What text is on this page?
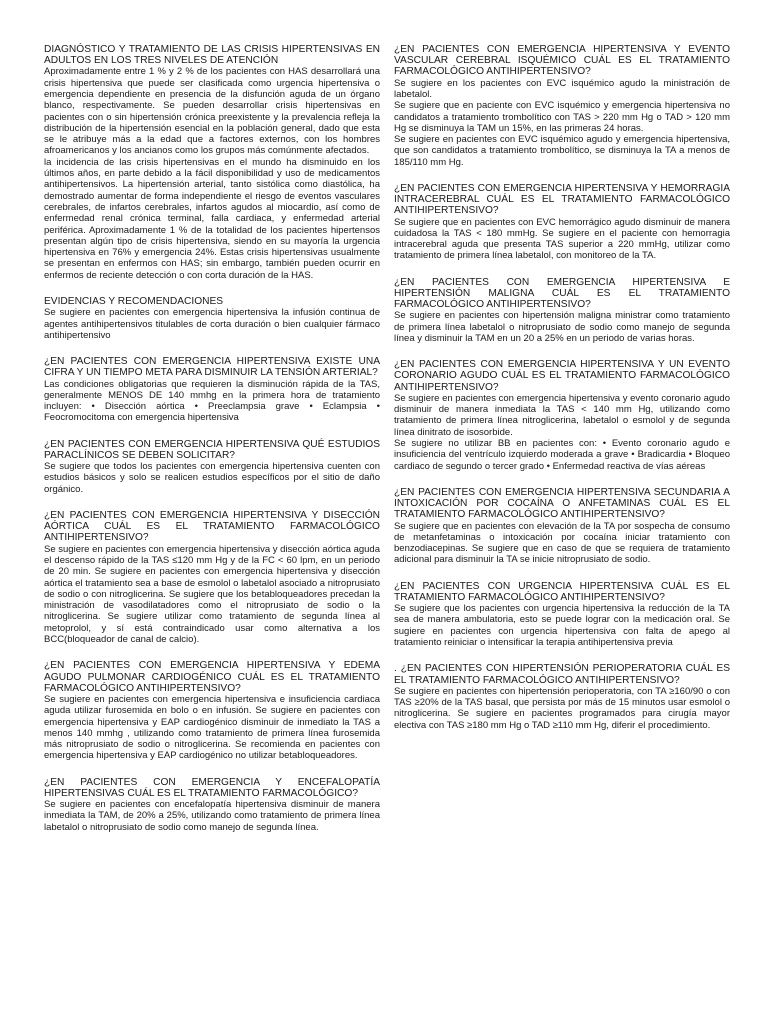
DIAGNÓSTICO Y TRATAMIENTO DE LAS CRISIS HIPERTENSIVAS EN ADULTOS EN LOS TRES NIVELES DE ATENCIÓN

Aproximadamente entre 1 % y 2 % de los pacientes con HAS desarrollará una crisis hipertensiva que puede ser clasificada como urgencia hipertensiva o emergencia dependiente en presencia de la disfunción aguda de un órgano blanco, respectivamente. Se pueden desarrollar crisis hipertensivas en pacientes con o sin hipertensión crónica preexistente y la prevalencia refleja la distribución de la hipertensión esencial en la población general, dado que esta se le atribuye más a la edad que a factores externos, con los hombres afroamericanos y los ancianos como los grupos más comúnmente afectados.

la incidencia de las crisis hipertensivas en el mundo ha disminuido en los últimos años, en parte debido a la fácil disponibilidad y uso de medicamentos antihipertensivos. La hipertensión arterial, tanto sistólica como diastólica, ha demostrado aumentar de forma independiente el riesgo de eventos vasculares cerebrales, de infartos cerebrales, infartos agudos al miocardio, así como de enfermedad renal crónica terminal, falla cardiaca, y enfermedad arterial periférica. Aproximadamente 1 % de la totalidad de los pacientes hipertensos presentan algún tipo de crisis hipertensiva, siendo en su mayoría la urgencia hipertensiva en 76% y emergencia 24%. Estas crisis hipertensivas usualmente se presentan en enfermos con HAS; sin embargo, también pueden ocurrir en enfermos de reciente detección o con corta duración de la HAS.

EVIDENCIAS Y RECOMENDACIONES

Se sugiere en pacientes con emergencia hipertensiva la infusión continua de agentes antihipertensivos titulables de corta duración o bien cualquier fármaco antihipertensivo

¿EN PACIENTES CON EMERGENCIA HIPERTENSIVA EXISTE UNA CIFRA Y UN TIEMPO META PARA DISMINUIR LA TENSIÓN ARTERIAL?

Las condiciones obligatorias que requieren la disminución rápida de la TAS, generalmente MENOS DE 140 mmhg en la primera hora de tratamiento incluyen: • Disección aórtica • Preeclampsia grave • Eclampsia • Feocromocitoma con emergencia hipertensiva

¿EN PACIENTES CON EMERGENCIA HIPERTENSIVA QUÉ ESTUDIOS PARACLÍNICOS SE DEBEN SOLICITAR?

Se sugiere que todos los pacientes con emergencia hipertensiva cuenten con estudios básicos y solo se realicen estudios específicos por el sitio de daño orgánico.

¿EN PACIENTES CON EMERGENCIA HIPERTENSIVA Y DISECCIÓN AÓRTICA CUÁL ES EL TRATAMIENTO FARMACOLÓGICO ANTIHIPERTENSIVO?

Se sugiere en pacientes con emergencia hipertensiva y disección aórtica aguda el descenso rápido de la TAS ≤120 mm Hg y de la FC < 60 lpm, en un periodo de 20 min. Se sugiere en pacientes con emergencia hipertensiva y disección aórtica el tratamiento sea a base de esmolol o labetalol asociado a nitroprusiato de sodio o con nitroglicerina. Se sugiere que los betabloqueadores precedan la ministración de vasodilatadores como el nitroprusiato de sodio o la nitroglicerina. Se sugiere utilizar como tratamiento de segunda línea al metoprolol, y sí está contraindicado usar como alternativa a los BCC(bloqueador de canal de calcio).

¿EN PACIENTES CON EMERGENCIA HIPERTENSIVA Y EDEMA AGUDO PULMONAR CARDIOGÉNICO CUÁL ES EL TRATAMIENTO FARMACOLÓGICO ANTIHIPERTENSIVO?

Se sugiere en pacientes con emergencia hipertensiva e insuficiencia cardiaca aguda utilizar furosemida en bolo o en infusión. Se sugiere en pacientes con emergencia hipertensiva y EAP cardiogénico disminuir de inmediato la TAS a menos 140 mmhg , utilizando como tratamiento de primera línea furosemida más nitroprusiato de sodio o nitroglicerina. Se recomienda en pacientes con emergencia hipertensiva y EAP cardiogénico no utilizar betabloqueadores.

¿EN PACIENTES CON EMERGENCIA Y ENCEFALOPATÍA HIPERTENSIVAS CUÁL ES EL TRATAMIENTO FARMACOLÓGICO?

Se sugiere en pacientes con encefalopatía hipertensiva disminuir de manera inmediata la TAM, de 20% a 25%, utilizando como tratamiento de primera línea labetalol o nitroprusiato de sodio como manejo de segunda línea.

¿EN PACIENTES CON EMERGENCIA HIPERTENSIVA Y EVENTO VASCULAR CEREBRAL ISQUÉMICO CUÁL ES EL TRATAMIENTO FARMACOLÓGICO ANTIHIPERTENSIVO?

Se sugiere en los pacientes con EVC isquémico agudo la ministración de labetalol.

Se sugiere que en paciente con EVC isquémico y emergencia hipertensiva no candidatos a tratamiento trombolítico con TAS > 220 mm Hg o TAD > 120 mm Hg se disminuya la TAM un 15%, en las primeras 24 horas.

Se sugiere en pacientes con EVC isquémico agudo y emergencia hipertensiva, que son candidatos a tratamiento trombolítico, se disminuya la TA a menos de 185/110 mm Hg.

¿EN PACIENTES CON EMERGENCIA HIPERTENSIVA Y HEMORRAGIA INTRACEREBRAL CUÁL ES EL TRATAMIENTO FARMACOLÓGICO ANTIHIPERTENSIVO?

Se sugiere que en pacientes con EVC hemorrágico agudo disminuir de manera cuidadosa la TAS < 180 mmHg. Se sugiere en el paciente con hemorragia intracerebral aguda que presenta TAS superior a 220 mmHg, utilizar como tratamiento de primera línea labetalol, con monitoreo de la TA.

¿EN PACIENTES CON EMERGENCIA HIPERTENSIVA E HIPERTENSIÓN MALIGNA CUÁL ES EL TRATAMIENTO FARMACOLÓGICO ANTIHIPERTENSIVO?

Se sugiere en pacientes con hipertensión maligna ministrar como tratamiento de primera línea labetalol o nitroprusiato de sodio como manejo de segunda línea y disminuir la TAM en un 20 a 25% en un periodo de varias horas.

¿EN PACIENTES CON EMERGENCIA HIPERTENSIVA Y UN EVENTO CORONARIO AGUDO CUÁL ES EL TRATAMIENTO FARMACOLÓGICO ANTIHIPERTENSIVO?

Se sugiere en pacientes con emergencia hipertensiva y evento coronario agudo disminuir de manera inmediata la TAS < 140 mm Hg, utilizando como tratamiento de primera línea nitroglicerina, labetalol o esmolol y de segunda línea dinitrato de isosorbide.

Se sugiere no utilizar BB en pacientes con: • Evento coronario agudo e insuficiencia del ventrículo izquierdo moderada a grave • Bradicardia • Bloqueo cardiaco de segundo o tercer grado • Enfermedad reactiva de vías aéreas

¿EN PACIENTES CON EMERGENCIA HIPERTENSIVA SECUNDARIA A INTOXICACIÓN POR COCAÍNA O ANFETAMINAS CUÁL ES EL TRATAMIENTO FARMACOLÓGICO ANTIHIPERTENSIVO?

Se sugiere que en pacientes con elevación de la TA por sospecha de consumo de metanfetaminas o intoxicación por cocaína iniciar tratamiento con benzodiacepinas. Se sugiere que en caso de que se requiera de tratamiento adicional para disminuir la TA se inicie nitroprusiato de sodio.

¿EN PACIENTES CON URGENCIA HIPERTENSIVA CUÁL ES EL TRATAMIENTO FARMACOLÓGICO ANTIHIPERTENSIVO?

Se sugiere que los pacientes con urgencia hipertensiva la reducción de la TA sea de manera ambulatoria, esto se puede lograr con la medicación oral. Se sugiere en pacientes con urgencia hipertensiva con falta de apego al tratamiento reiniciar o intensificar la terapia antihipertensiva previa

. ¿EN PACIENTES CON HIPERTENSIÓN PERIOPERATORIA CUÁL ES EL TRATAMIENTO FARMACOLÓGICO ANTIHIPERTENSIVO?

Se sugiere en pacientes con hipertensión perioperatoria, con TA ≥160/90 o con TAS ≥20% de la TAS basal, que persista por más de 15 minutos usar esmolol o nitroglicerina. Se sugiere en pacientes programados para cirugía mayor electiva con TAS ≥180 mm Hg o TAD ≥110 mm Hg, diferir el procedimiento.
